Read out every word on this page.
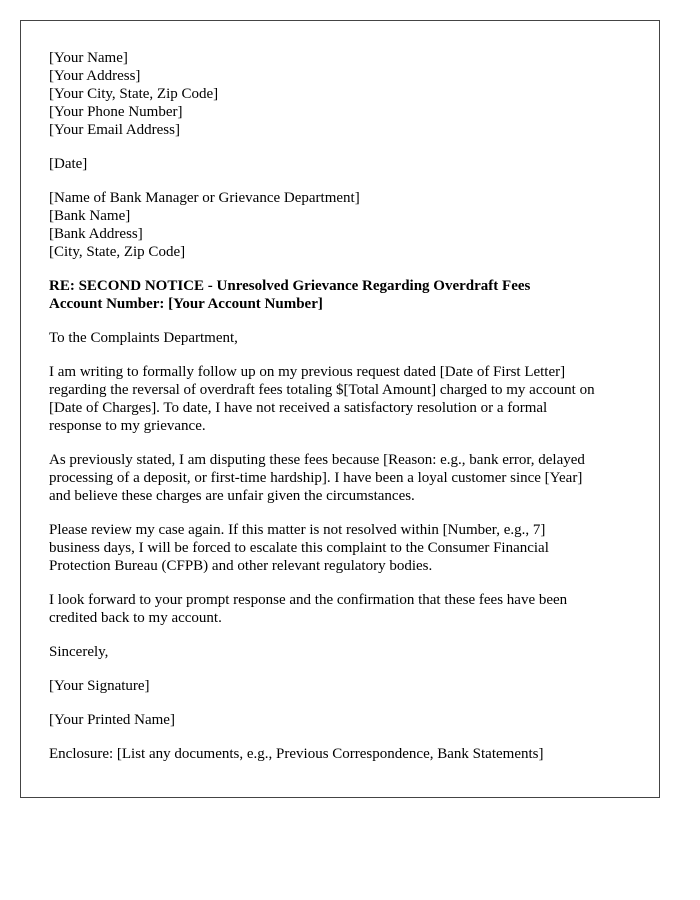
[Your Name]
[Your Address]
[Your City, State, Zip Code]
[Your Phone Number]
[Your Email Address]
[Date]
[Name of Bank Manager or Grievance Department]
[Bank Name]
[Bank Address]
[City, State, Zip Code]
RE: SECOND NOTICE - Unresolved Grievance Regarding Overdraft Fees
Account Number: [Your Account Number]

To the Complaints Department,

I am writing to formally follow up on my previous request dated [Date of First Letter]
regarding the reversal of overdraft fees totaling $[Total Amount] charged to my account on
[Date of Charges]. To date, I have not received a satisfactory resolution or a formal
response to my grievance.

As previously stated, I am disputing these fees because [Reason: e.g., bank error, delayed
processing of a deposit, or first-time hardship]. I have been a loyal customer since [Year]
and believe these charges are unfair given the circumstances.

Please review my case again. If this matter is not resolved within [Number, e.g., 7]
business days, I will be forced to escalate this complaint to the Consumer Financial
Protection Bureau (CFPB) and other relevant regulatory bodies.

I look forward to your prompt response and the confirmation that these fees have been
credited back to my account.

Sincerely,

[Your Signature]

[Your Printed Name]

Enclosure: [List any documents, e.g., Previous Correspondence, Bank Statements]
